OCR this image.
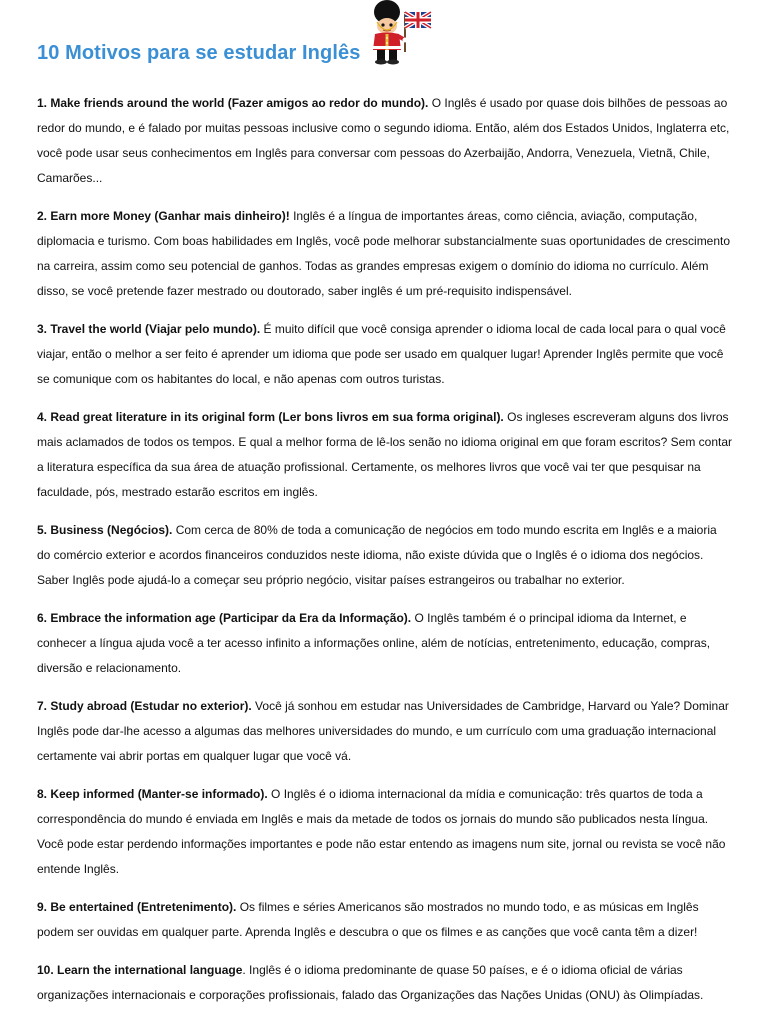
10 Motivos para se estudar Inglês

1. Make friends around the world (Fazer amigos ao redor do mundo). O Inglês é usado por quase dois bilhões de pessoas ao redor do mundo, e é falado por muitas pessoas inclusive como o segundo idioma. Então, além dos Estados Unidos, Inglaterra etc, você pode usar seus conhecimentos em Inglês para conversar com pessoas do Azerbaijão, Andorra, Venezuela, Vietnã, Chile, Camarões...

2. Earn more Money (Ganhar mais dinheiro)! Inglês é a língua de importantes áreas, como ciência, aviação, computação, diplomacia e turismo. Com boas habilidades em Inglês, você pode melhorar substancialmente suas oportunidades de crescimento na carreira, assim como seu potencial de ganhos. Todas as grandes empresas exigem o domínio do idioma no currículo. Além disso, se você pretende fazer mestrado ou doutorado, saber inglês é um pré-requisito indispensável.

3. Travel the world (Viajar pelo mundo). É muito difícil que você consiga aprender o idioma local de cada local para o qual você viajar, então o melhor a ser feito é aprender um idioma que pode ser usado em qualquer lugar! Aprender Inglês permite que você se comunique com os habitantes do local, e não apenas com outros turistas.

4. Read great literature in its original form (Ler bons livros em sua forma original). Os ingleses escreveram alguns dos livros mais aclamados de todos os tempos. E qual a melhor forma de lê-los senão no idioma original em que foram escritos? Sem contar a literatura específica da sua área de atuação profissional. Certamente, os melhores livros que você vai ter que pesquisar na faculdade, pós, mestrado estarão escritos em inglês.

5. Business (Negócios). Com cerca de 80% de toda a comunicação de negócios em todo mundo escrita em Inglês e a maioria do comércio exterior e acordos financeiros conduzidos neste idioma, não existe dúvida que o Inglês é o idioma dos negócios. Saber Inglês pode ajudá-lo a começar seu próprio negócio, visitar países estrangeiros ou trabalhar no exterior.

6. Embrace the information age (Participar da Era da Informação). O Inglês também é o principal idioma da Internet, e conhecer a língua ajuda você a ter acesso infinito a informações online, além de notícias, entretenimento, educação, compras, diversão e relacionamento.

7. Study abroad (Estudar no exterior). Você já sonhou em estudar nas Universidades de Cambridge, Harvard ou Yale? Dominar Inglês pode dar-lhe acesso a algumas das melhores universidades do mundo, e um currículo com uma graduação internacional certamente vai abrir portas em qualquer lugar que você vá.

8. Keep informed (Manter-se informado). O Inglês é o idioma internacional da mídia e comunicação: três quartos de toda a correspondência do mundo é enviada em Inglês e mais da metade de todos os jornais do mundo são publicados nesta língua. Você pode estar perdendo informações importantes e pode não estar entendo as imagens num site, jornal ou revista se você não entende Inglês.

9. Be entertained (Entretenimento). Os filmes e séries Americanos são mostrados no mundo todo, e as músicas em Inglês podem ser ouvidas em qualquer parte. Aprenda Inglês e descubra o que os filmes e as canções que você canta têm a dizer!

10. Learn the international language. Inglês é o idioma predominante de quase 50 países, e é o idioma oficial de várias organizações internacionais e corporações profissionais, falado das Organizações das Nações Unidas (ONU) às Olimpíadas.
